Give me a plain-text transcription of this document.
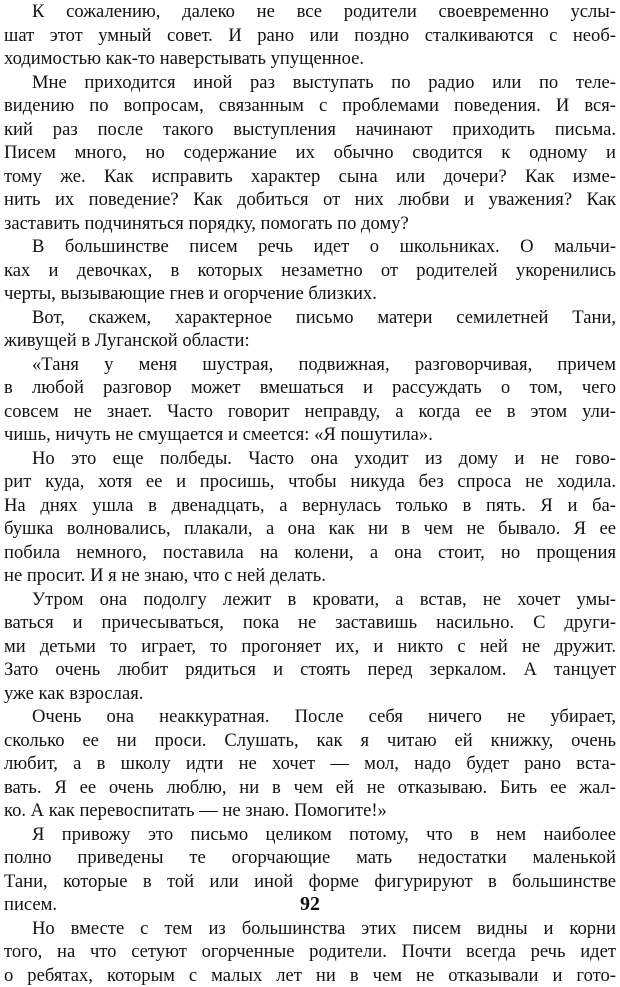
К сожалению, далеко не все родители своевременно услы-
шат этот умный совет. И рано или поздно сталкиваются с необ-
ходимостью как-то наверстывать упущенное.
Мне приходится иной раз выступать по радио или по теле-
видению по вопросам, связанным с проблемами поведения. И вся-
кий раз после такого выступления начинают приходить письма.
Писем много, но содержание их обычно сводится к одному и
тому же. Как исправить характер сына или дочери? Как изме-
нить их поведение? Как добиться от них любви и уважения? Как
заставить подчиняться порядку, помогать по дому?
В большинстве писем речь идет о школьниках. О мальчи-
ках и девочках, в которых незаметно от родителей укоренились
черты, вызывающие гнев и огорчение близких.
Вот, скажем, характерное письмо матери семилетней Тани,
живущей в Луганской области:
«Таня у меня шустрая, подвижная, разговорчивая, причем
в любой разговор может вмешаться и рассуждать о том, чего
совсем не знает. Часто говорит неправду, а когда ее в этом ули-
чишь, ничуть не смущается и смеется: «Я пошутила».
Но это еще полбеды. Часто она уходит из дому и не гово-
рит куда, хотя ее и просишь, чтобы никуда без спроса не ходила.
На днях ушла в двенадцать, а вернулась только в пять. Я и ба-
бушка волновались, плакали, а она как ни в чем не бывало. Я ее
побила немного, поставила на колени, а она стоит, но прощения
не просит. И я не знаю, что с ней делать.
Утром она подолгу лежит в кровати, а встав, не хочет умы-
ваться и причесываться, пока не заставишь насильно. С други-
ми детьми то играет, то прогоняет их, и никто с ней не дружит.
Зато очень любит рядиться и стоять перед зеркалом. А танцует
уже как взрослая.
Очень она неаккуратная. После себя ничего не убирает,
сколько ее ни проси. Слушать, как я читаю ей книжку, очень
любит, а в школу идти не хочет — мол, надо будет рано вста-
вать. Я ее очень люблю, ни в чем ей не отказываю. Бить ее жал-
ко. А как перевоспитать — не знаю. Помогите!»
Я привожу это письмо целиком потому, что в нем наиболее
полно приведены те огорчающие мать недостатки маленькой
Тани, которые в той или иной форме фигурируют в большинстве
писем.
Но вместе с тем из большинства этих писем видны и корни
того, на что сетуют огорченные родители. Почти всегда речь идет
о ребятах, которым с малых лет ни в чем не отказывали и гото-
92
